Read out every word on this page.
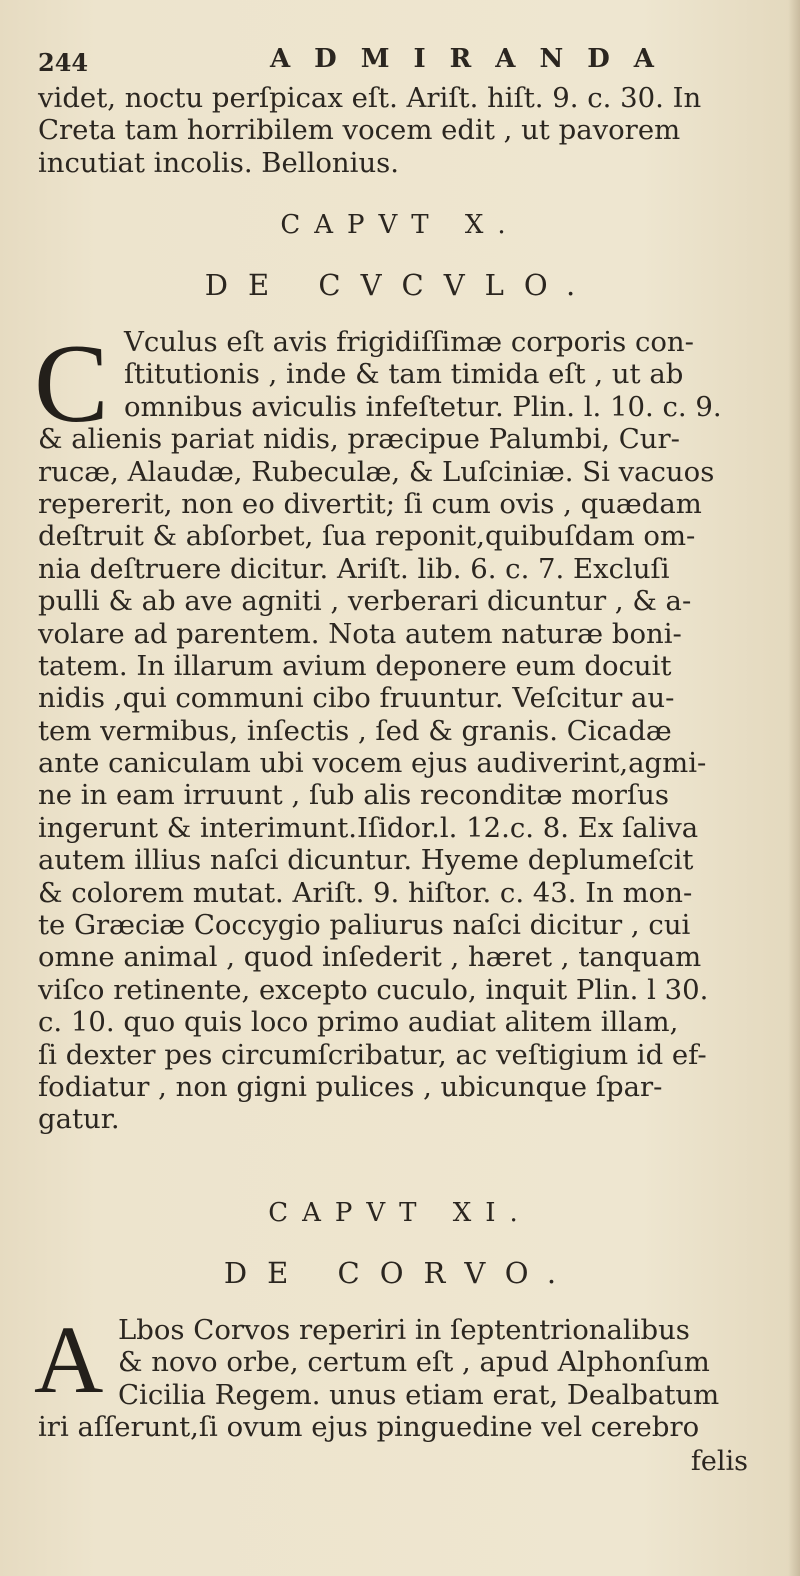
244	ADMIRANDA
videt, noctu perſpicax eſt. Ariſt. hiſt. 9. c. 30. In
Creta tam horribilem vocem edit , ut pavorem
incutiat incolis. Bellonius.
CAPVT X.
DE CVCVLO.
C Vculus eſt avis frigidiſſimæ corporis con-
ſtitutionis , inde & tam timida eſt , ut ab
omnibus aviculis infeſtetur. Plin. l. 10. c. 9.
& alienis pariat nidis, præcipue Palumbi, Cur-
rucæ, Alaudæ, Rubeculæ, & Luſciniæ. Si vacuos
repererit, non eo divertit; ſi cum ovis , quædam
deſtruit & abſorbet, ſua reponit,quibuſdam om-
nia deſtruere dicitur. Ariſt. lib. 6. c. 7. Excluſi
pulli & ab ave agniti , verberari dicuntur , & a-
volare ad parentem. Nota autem naturæ boni-
tatem. In illarum avium deponere eum docuit
nidis ,qui communi cibo fruuntur. Veſcitur au-
tem vermibus, inſectis , ſed & granis. Cicadæ
ante caniculam ubi vocem ejus audiverint,agmi-
ne in eam irruunt , ſub alis reconditæ morſus
ingerunt & interimunt.Iſidor.l. 12.c. 8. Ex ſaliva
autem illius naſci dicuntur. Hyeme deplumeſcit
& colorem mutat. Ariſt. 9. hiſtor. c. 43. In mon-
te Græciæ Coccygio paliurus naſci dicitur , cui
omne animal , quod inſederit , hæret , tanquam
viſco retinente, excepto cuculo, inquit Plin. l 30.
c. 10. quo quis loco primo audiat alitem illam,
ſi dexter pes circumſcribatur, ac veſtigium id ef-
fodiatur , non gigni pulices , ubicunque ſpar-
gatur.
CAPVT XI.
DE CORVO.
A Lbos Corvos reperiri in ſeptentrionalibus
& novo orbe, certum eſt , apud Alphonſum
Cicilia Regem. unus etiam erat, Dealbatum
iri aſſerunt,ſi ovum ejus pinguedine vel cerebro
felis
